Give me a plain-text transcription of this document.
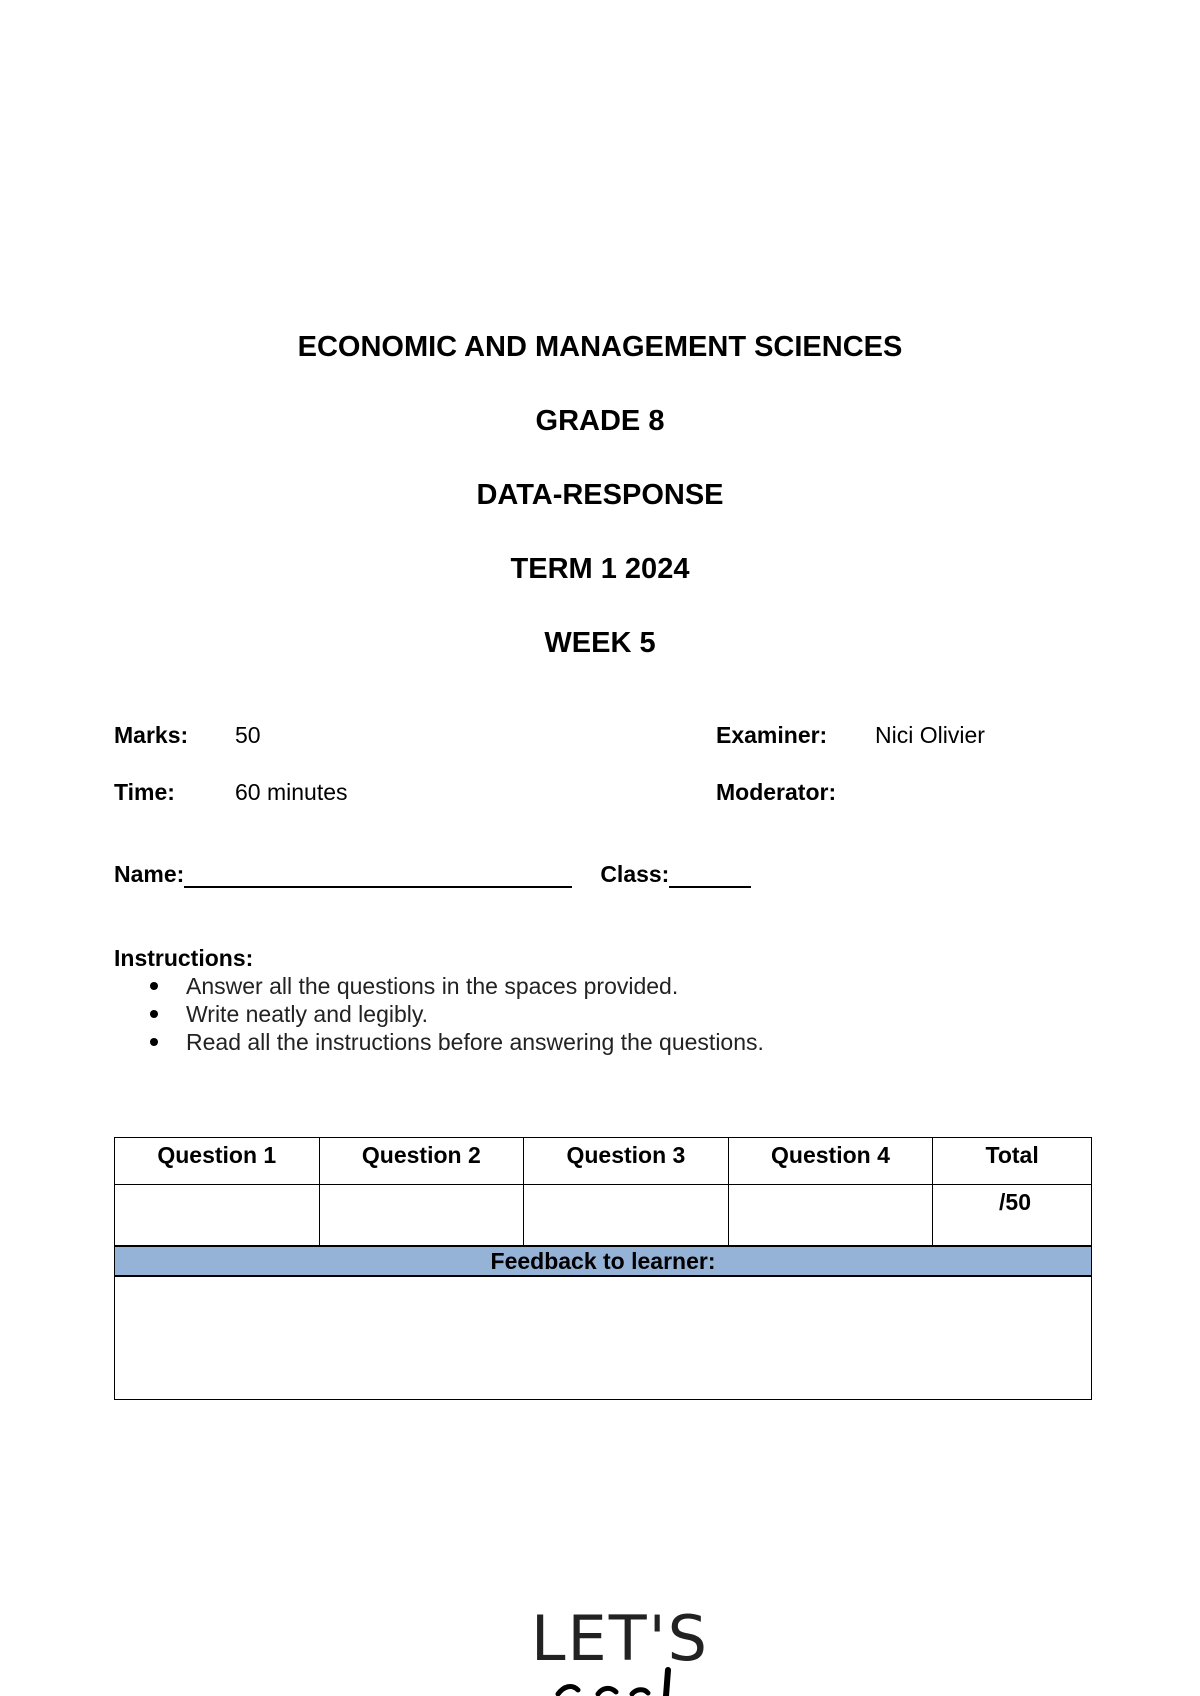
ECONOMIC AND MANAGEMENT SCIENCES
GRADE 8
DATA-RESPONSE
TERM 1 2024
WEEK 5
Marks: 50	Examiner: Nici Olivier
Time:	60 minutes	Moderator:
Name:	Class:
Instructions:
Answer all the questions in the spaces provided.
Write neatly and legibly.
Read all the instructions before answering the questions.
Question 1	Question 2	Question 3	Question 4	Total
				/50
Feedback to learner:				

LET'S
